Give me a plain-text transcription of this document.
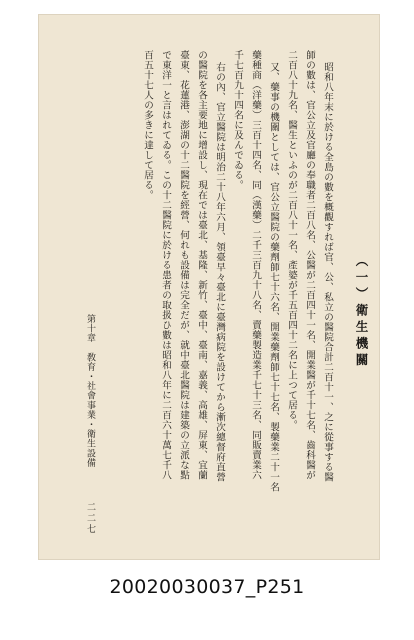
（一）衛生機關
昭和八年末に於ける全島の數を概觀すれば官、公、私立の醫院合計二百十一、之に從事する醫
師の數は、官公立及官廳の奉職者二百八名、公醫が二百四十一名、開業醫が千十七名、齒科醫が
二百八十九名、醫生といふのが二百八十一名、產婆が千五百四十二名に上つて居る。
又、藥事の機關としては、官公立醫院の藥劑師七十六名、開業藥劑師七十七名、製藥業二十一名
藥種商（洋藥）三百十四名、同（漢藥）二千三百九十八名、賣藥製造業千七十三名、同販賣業六
千七百九十四名に及んでゐる。
右の內、官立醫院は明治二十八年六月、領臺早々臺北に臺灣病院を設けてから漸次總督府直營
の醫院を各主要地に增設し、現在では臺北、基隆、新竹、臺中、臺南、嘉義、高雄、屏東、宜蘭
臺東、花蓮港、澎湖の十二醫院を經營、何れも設備は完全だが、就中臺北醫院は建築の立派な點
で東洋一と言はれてゐる。この十二醫院に於ける患者の取扱ひ數は昭和八年に二百六十萬七千八
百五十七人の多きに達して居る。
第十章　敎育・社會事業・衛生設備
二二七
20020030037_P251
